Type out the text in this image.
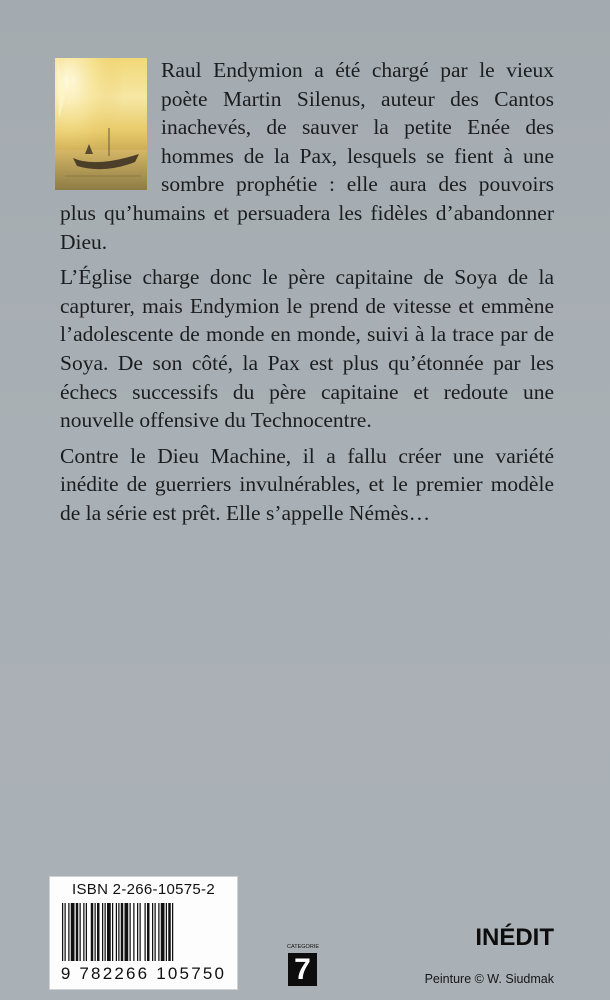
Raul Endymion a été chargé par le vieux poète Martin Silenus, auteur des Cantos inachevés, de sauver la petite Enée des hommes de la Pax, lesquels se fient à une sombre prophétie : elle aura des pouvoirs plus qu’humains et persuadera les fidèles d’abandonner Dieu.

L’Église charge donc le père capitaine de Soya de la capturer, mais Endymion le prend de vitesse et emmène l’adolescente de monde en monde, suivi à la trace par de Soya. De son côté, la Pax est plus qu’étonnée par les échecs successifs du père capitaine et redoute une nouvelle offensive du Technocentre.

Contre le Dieu Machine, il a fallu créer une variété inédite de guerriers invulnérables, et le premier modèle de la série est prêt. Elle s’appelle Némès…

ISBN 2-266-10575-2
9 782266 105750
CATEGORIE
7
INÉDIT
Peinture © W. Siudmak
